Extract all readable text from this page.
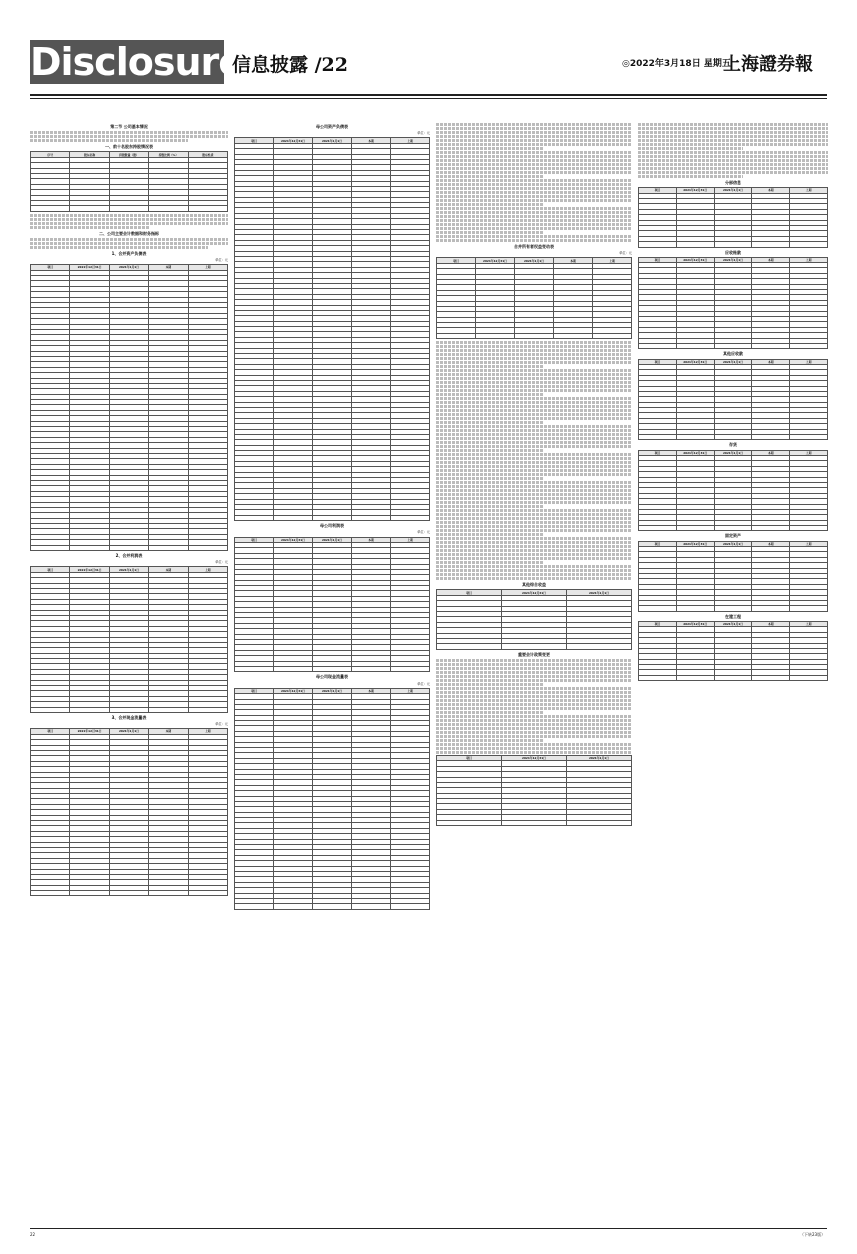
Disclosure
信息披露 /22	◎2022年3月18日 星期五
上海證券報
第二节 公司基本情况
一、前十名股东持股情况表
序号	股东名称	持股数量（股）	持股比例（%）	股东性质

二、公司主要会计数据和财务指标
1、合并资产负债表
单位：元
项目	2021年12月31日	2021年1月1日	本期	上期

2、合并利润表
单位：元
项目	2021年12月31日	2021年1月1日	本期	上期

3、合并现金流量表
单位：元
项目	2021年12月31日	2021年1月1日	本期	上期

母公司资产负债表
单位：元
项目	2021年12月31日	2021年1月1日	本期	上期

母公司利润表
单位：元
项目	2021年12月31日	2021年1月1日	本期	上期

母公司现金流量表
单位：元
项目	2021年12月31日	2021年1月1日	本期	上期

合并所有者权益变动表
单位：元
项目	2021年12月31日	2021年1月1日	本期	上期

其他综合收益
项目	2021年12月31日	2021年1月1日

重要会计政策变更
项目	2021年12月31日	2021年1月1日

分部信息
项目	2021年12月31日	2021年1月1日	本期	上期

应收账款
项目	2021年12月31日	2021年1月1日	本期	上期

其他应收款
项目	2021年12月31日	2021年1月1日	本期	上期

存货
项目	2021年12月31日	2021年1月1日	本期	上期

固定资产
项目	2021年12月31日	2021年1月1日	本期	上期

在建工程
项目	2021年12月31日	2021年1月1日	本期	上期

22	（下转23版）
